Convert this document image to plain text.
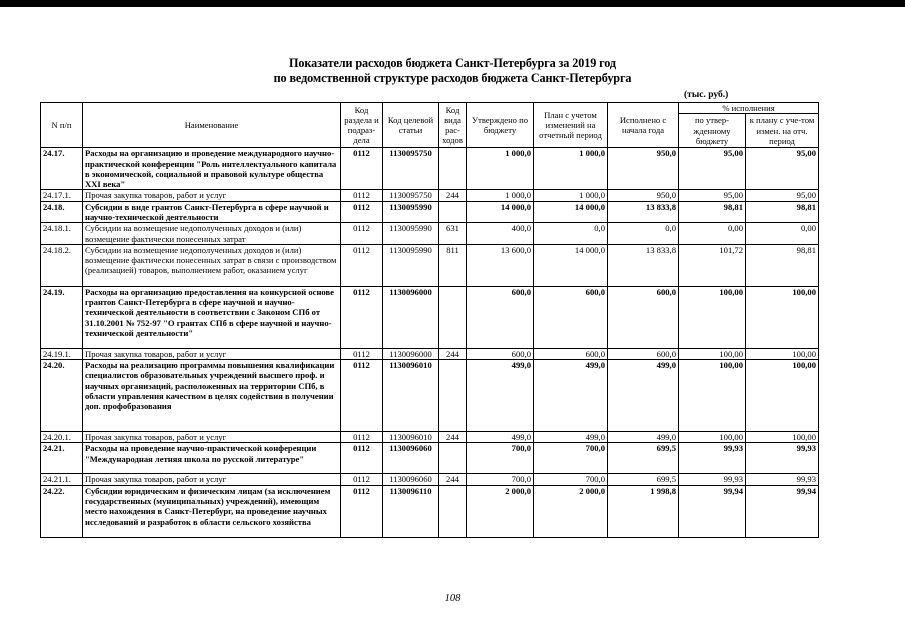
Показатели расходов бюджета Санкт-Петербурга за 2019 год
по ведомственной структуре расходов бюджета Санкт-Петербурга
(тыс. руб.)
N п/п	Наименование	Код раздела и подраз-дела	Код целевой статьи	Код вида рас-ходов	Утверждено по бюджету	План с учетом изменений на отчетный период	Исполнено с начала года	% исполнения	
								по утвер-жденному бюджету	к плану с уче-том измен. на отч. период
24.17.	Расходы на организацию и проведение международного научно-практической конференции "Роль интеллектуального капитала в экономической, социальной и правовой культуре общества XXI века"	0112	1130095750		1 000,0	1 000,0	950,0	95,00	95,00
24.17.1.	Прочая закупка товаров, работ и услуг	0112	1130095750	244	1 000,0	1 000,0	950,0	95,00	95,00
24.18.	Субсидии в виде грантов Санкт-Петербурга в сфере научной и научно-технической деятельности	0112	1130095990		14 000,0	14 000,0	13 833,8	98,81	98,81
24.18.1.	Субсидии на возмещение недополученных доходов и (или) возмещение фактически понесенных затрат	0112	1130095990	631	400,0	0,0	0,0	0,00	0,00
24.18.2.	Субсидии на возмещение недополученных доходов и (или) возмещение фактически понесенных затрат в связи с производством (реализацией) товаров, выполнением работ, оказанием услуг	0112	1130095990	811	13 600,0	14 000,0	13 833,8	101,72	98,81
24.19.	Расходы на организацию предоставления на конкурсной основе грантов Санкт-Петербурга в сфере научной и научно-технической деятельности в соответствии с Законом СПб от 31.10.2001 № 752-97 "О грантах СПб в сфере научной и научно-технической деятельности"	0112	1130096000		600,0	600,0	600,0	100,00	100,00
24.19.1.	Прочая закупка товаров, работ и услуг	0112	1130096000	244	600,0	600,0	600,0	100,00	100,00
24.20.	Расходы на реализацию программы повышения квалификации специалистов образовательных учреждений высшего проф. и научных организаций, расположенных на территории СПб, в области управления качеством в целях содействия в получении доп. профобразования	0112	1130096010		499,0	499,0	499,0	100,00	100,00
24.20.1.	Прочая закупка товаров, работ и услуг	0112	1130096010	244	499,0	499,0	499,0	100,00	100,00
24.21.	Расходы на проведение научно-практической конференции "Международная летняя школа по русской литературе"	0112	1130096060		700,0	700,0	699,5	99,93	99,93
24.21.1.	Прочая закупка товаров, работ и услуг	0112	1130096060	244	700,0	700,0	699,5	99,93	99,93
24.22.	Субсидии юридическим и физическим лицам (за исключением государственных (муниципальных) учреждений), имеющим место нахождения в Санкт-Петербург, на проведение научных исследований и разработок в области сельского хозяйства	0112	1130096110		2 000,0	2 000,0	1 998,8	99,94	99,94
108
